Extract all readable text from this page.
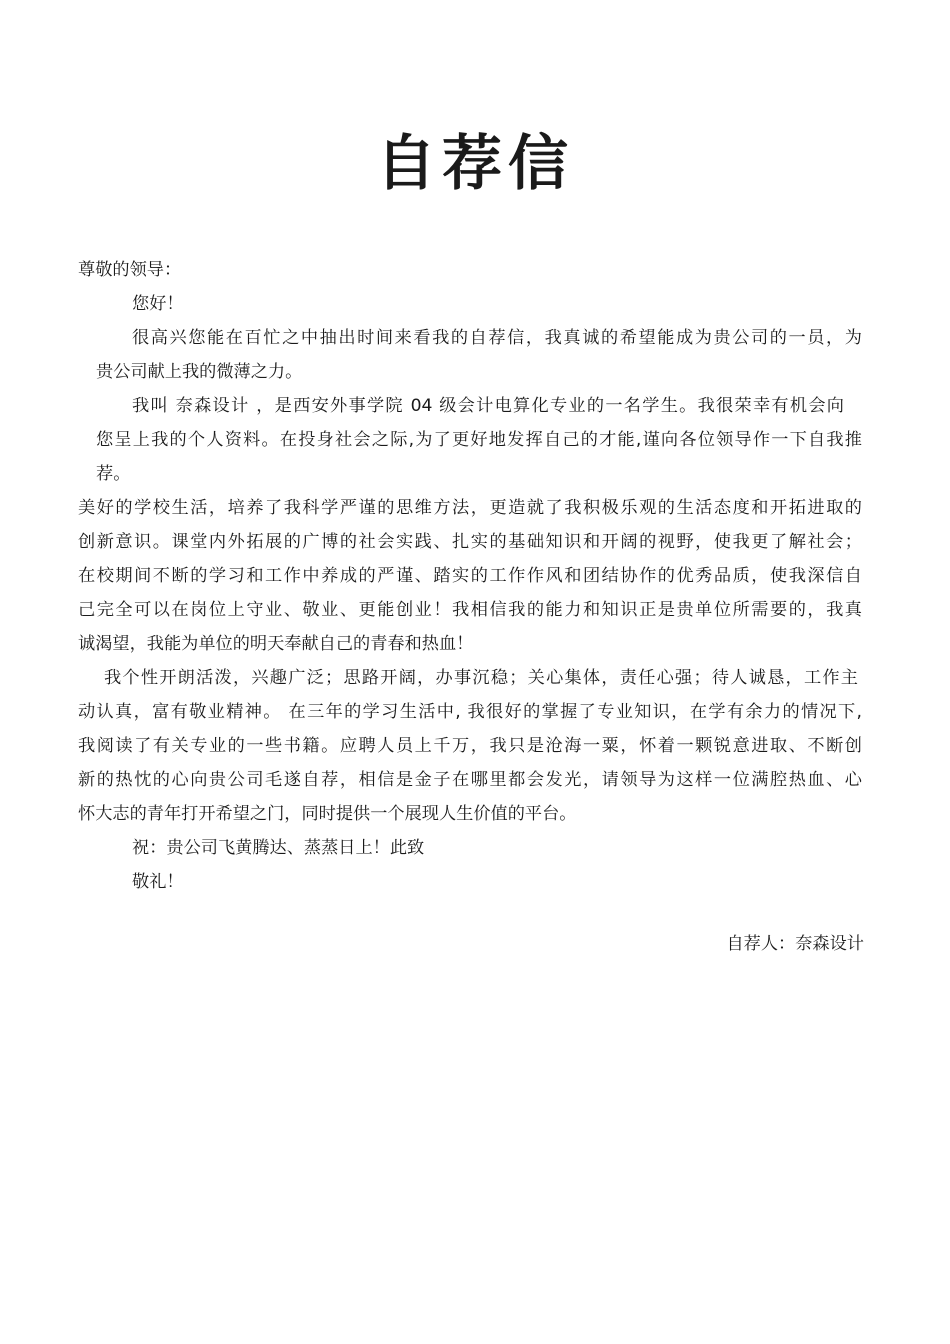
自荐信
尊敬的领导：
您好！
很高兴您能在百忙之中抽出时间来看我的自荐信，我真诚的希望能成为贵公司的一员，为
贵公司献上我的微薄之力。
我叫 奈森设计 ，是西安外事学院 04 级会计电算化专业的一名学生。我很荣幸有机会向
您呈上我的个人资料。在投身社会之际,为了更好地发挥自己的才能,谨向各位领导作一下自我推
荐。
美好的学校生活，培养了我科学严谨的思维方法，更造就了我积极乐观的生活态度和开拓进取的
创新意识。课堂内外拓展的广博的社会实践、扎实的基础知识和开阔的视野，使我更了解社会；
在校期间不断的学习和工作中养成的严谨、踏实的工作作风和团结协作的优秀品质，使我深信自
己完全可以在岗位上守业、敬业、更能创业！我相信我的能力和知识正是贵单位所需要的，我真
诚渴望，我能为单位的明天奉献自己的青春和热血！
我个性开朗活泼，兴趣广泛；思路开阔，办事沉稳；关心集体，责任心强；待人诚恳，工作主
动认真，富有敬业精神。 在三年的学习生活中, 我很好的掌握了专业知识，在学有余力的情况下,
我阅读了有关专业的一些书籍。应聘人员上千万，我只是沧海一粟，怀着一颗锐意进取、不断创
新的热忱的心向贵公司毛遂自荐，相信是金子在哪里都会发光，请领导为这样一位满腔热血、心
怀大志的青年打开希望之门，同时提供一个展现人生价值的平台。
祝：贵公司飞黄腾达、蒸蒸日上！此致
敬礼！
自荐人：奈森设计
